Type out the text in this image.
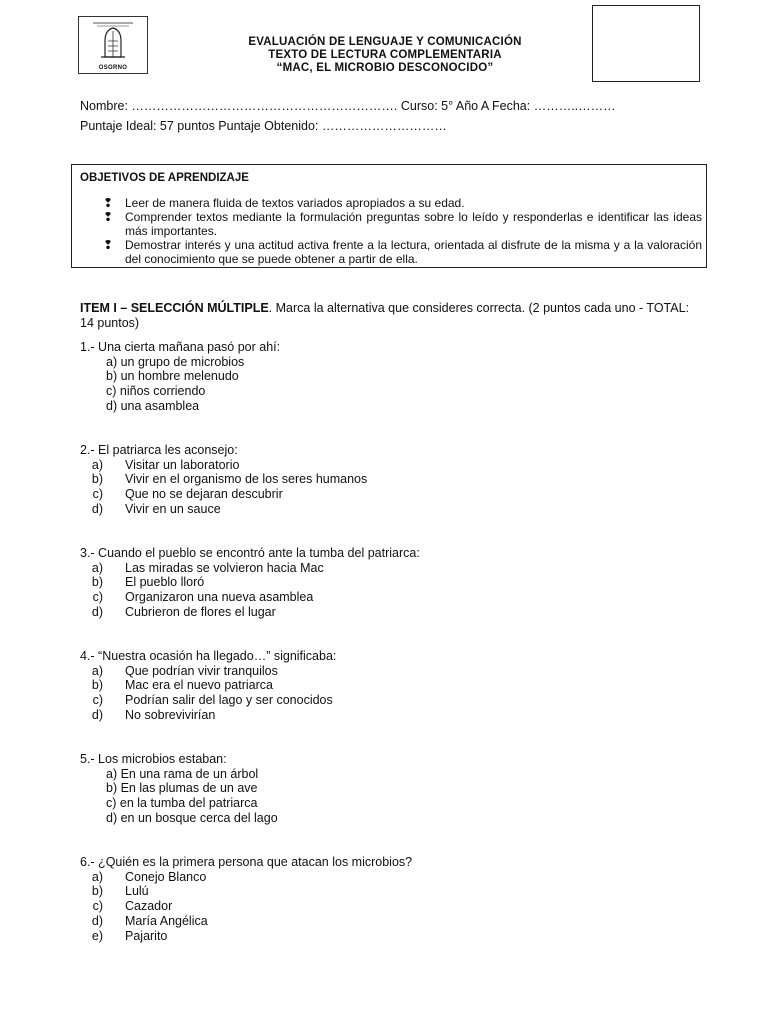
OSORNO
EVALUACIÓN DE LENGUAJE Y COMUNICACIÓN
TEXTO DE LECTURA COMPLEMENTARIA
“MAC, EL MICROBIO DESCONOCIDO”
Nombre: ………………………………………………………. Curso: 5° Año A Fecha: ………..………
Puntaje Ideal: 57 puntos Puntaje Obtenido: …………………………
OBJETIVOS DE APRENDIZAJE
❢ Leer de manera fluida de textos variados apropiados a su edad.
❢ Comprender textos mediante la formulación preguntas sobre lo leído y responderlas e identificar las ideas más importantes.
❢ Demostrar interés y una actitud activa frente a la lectura, orientada al disfrute de la misma y a la valoración del conocimiento que se puede obtener a partir de ella.
ITEM I – SELECCIÓN MÚLTIPLE. Marca la alternativa que consideres correcta. (2 puntos cada uno - TOTAL: 14 puntos)
1.- Una cierta mañana pasó por ahí:
a) un grupo de microbios
b) un hombre melenudo
c) niños corriendo
d) una asamblea
2.- El patriarca les aconsejo:
a) Visitar un laboratorio
b) Vivir en el organismo de los seres humanos
c) Que no se dejaran descubrir
d) Vivir en un sauce
3.- Cuando el pueblo se encontró ante la tumba del patriarca:
a) Las miradas se volvieron hacia Mac
b) El pueblo lloró
c) Organizaron una nueva asamblea
d) Cubrieron de flores el lugar
4.- “Nuestra ocasión ha llegado…” significaba:
a) Que podrían vivir tranquilos
b) Mac era el nuevo patriarca
c) Podrían salir del lago y ser conocidos
d) No sobrevivirían
5.- Los microbios estaban:
a) En una rama de un árbol
b) En las plumas de un ave
c) en la tumba del patriarca
d) en un bosque cerca del lago
6.- ¿Quién es la primera persona que atacan los microbios?
a) Conejo Blanco
b) Lulú
c) Cazador
d) María Angélica
e) Pajarito
